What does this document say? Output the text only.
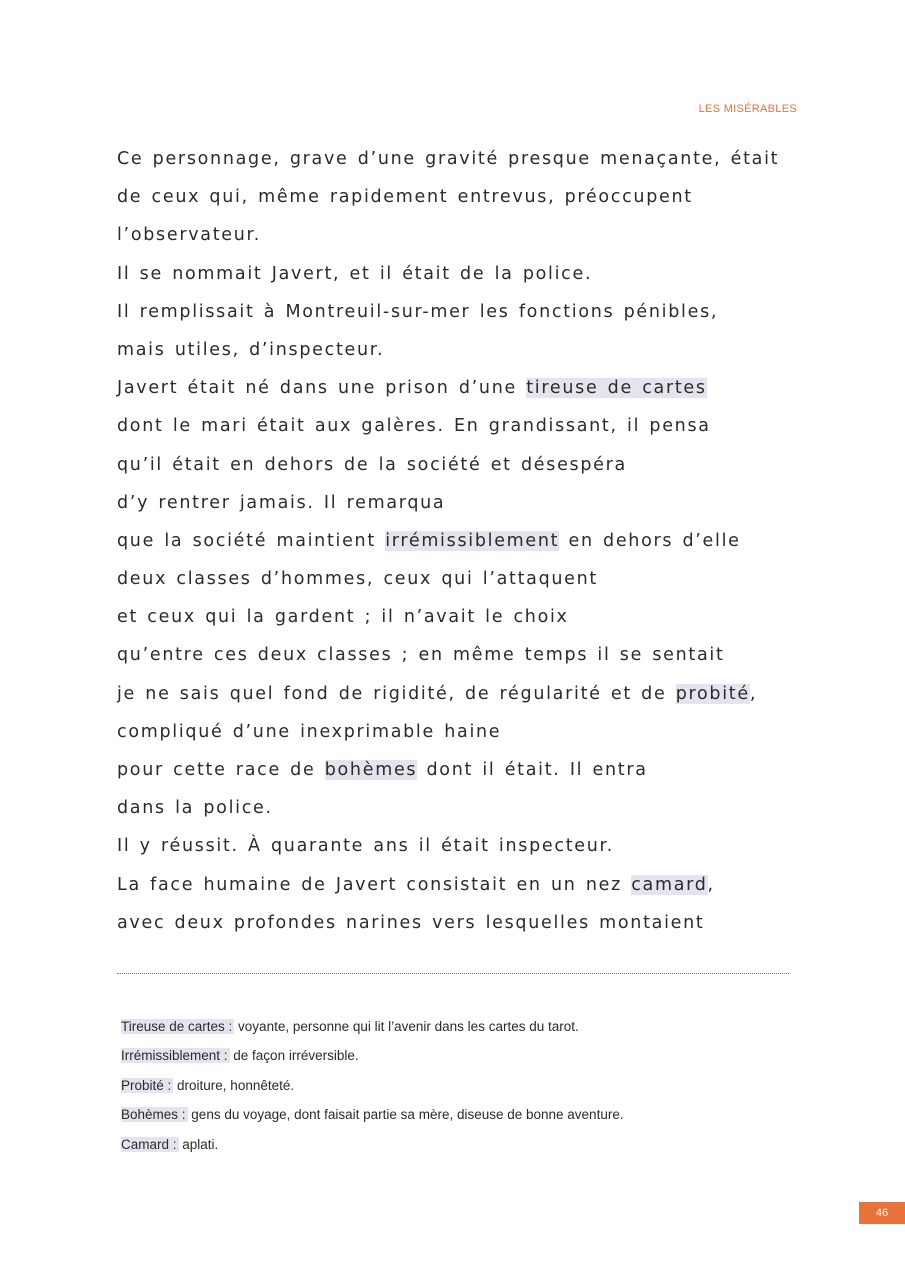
LES MISÉRABLES
Ce personnage, grave d’une gravité presque menaçante, était
de ceux qui, même rapidement entrevus, préoccupent
l’observateur.
Il se nommait Javert, et il était de la police.
Il remplissait à Montreuil-sur-mer les fonctions pénibles,
mais utiles, d’inspecteur.
Javert était né dans une prison d’une tireuse de cartes
dont le mari était aux galères. En grandissant, il pensa
qu’il était en dehors de la société et désespéra
d’y rentrer jamais. Il remarqua
que la société maintient irrémissiblement en dehors d’elle
deux classes d’hommes, ceux qui l’attaquent
et ceux qui la gardent ; il n’avait le choix
qu’entre ces deux classes ; en même temps il se sentait
je ne sais quel fond de rigidité, de régularité et de probité,
compliqué d’une inexprimable haine
pour cette race de bohèmes dont il était. Il entra
dans la police.
Il y réussit. À quarante ans il était inspecteur.
La face humaine de Javert consistait en un nez camard,
avec deux profondes narines vers lesquelles montaient
Tireuse de cartes : voyante, personne qui lit l’avenir dans les cartes du tarot.
Irrémissiblement : de façon irréversible.
Probité : droiture, honnêteté.
Bohèmes : gens du voyage, dont faisait partie sa mère, diseuse de bonne aventure.
Camard : aplati.
46
